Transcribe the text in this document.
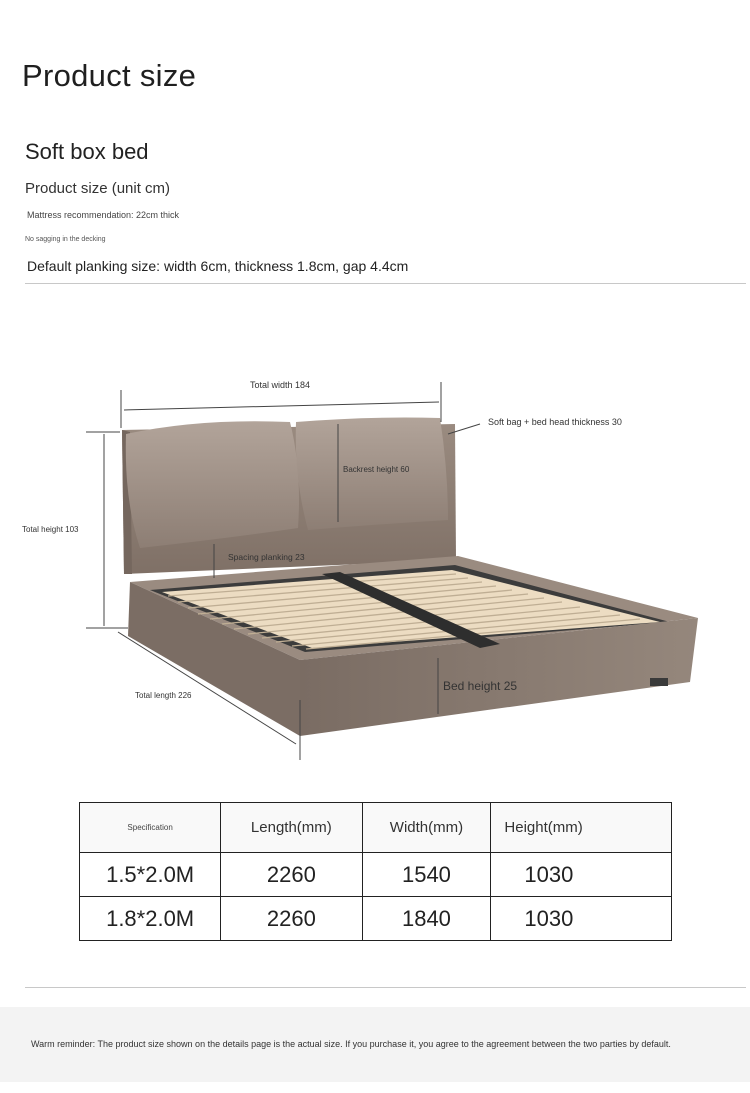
Product size
Soft box bed
Product size (unit cm)
Mattress recommendation: 22cm thick
No sagging in the decking
Default planking size: width 6cm, thickness 1.8cm, gap 4.4cm
Total width 184
Soft bag + bed head thickness 30
Backrest height 60
Total height 103
Spacing planking 23
Total length 226
Bed height 25
Specification	Length(mm)	Width(mm)	Height(mm)
1.5*2.0M	2260	1540	1030
1.8*2.0M	2260	1840	1030
Warm reminder: The product size shown on the details page is the actual size. If you purchase it, you agree to the agreement between the two parties by default.
